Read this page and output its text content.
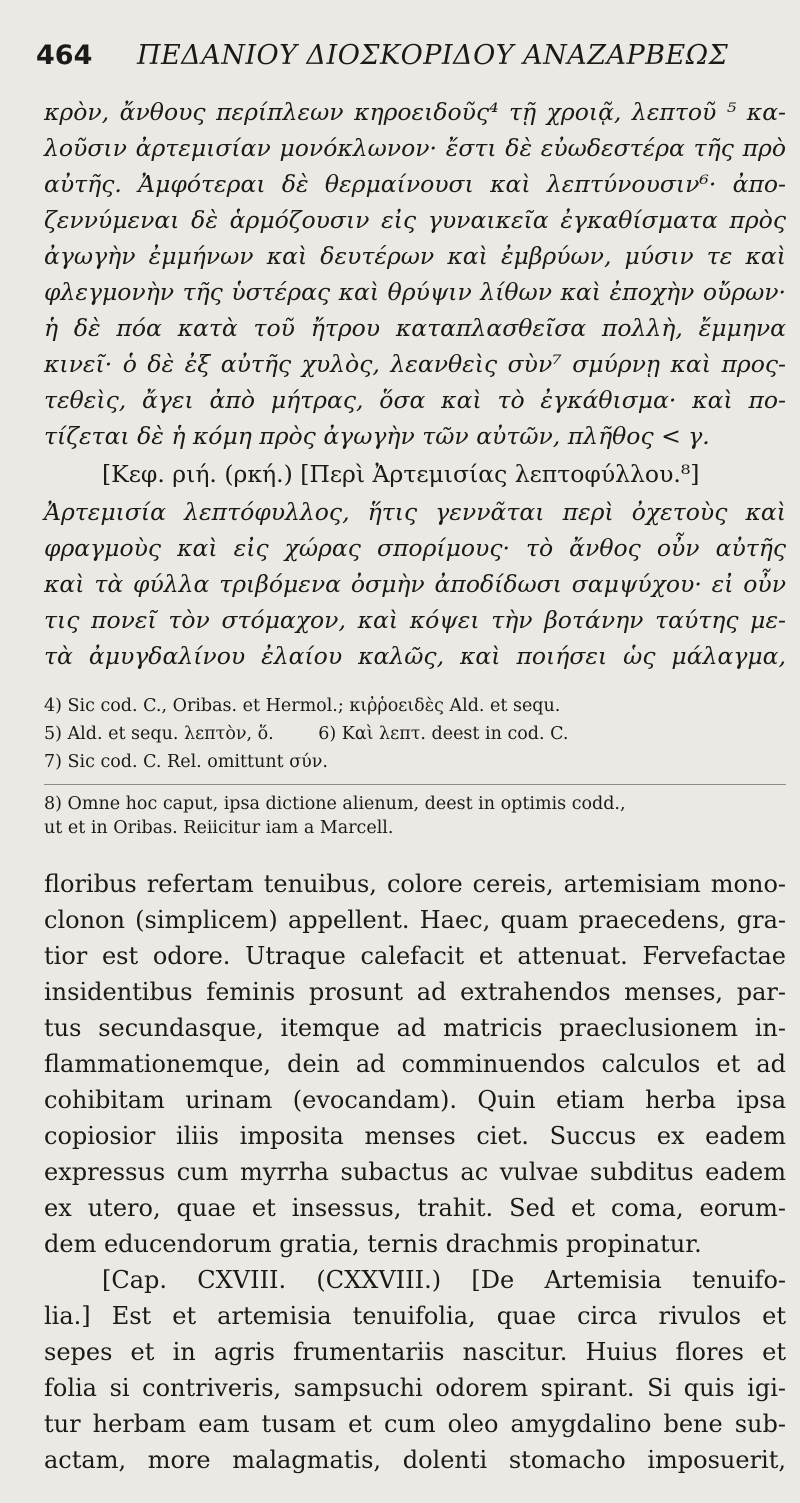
464 ΠΕΔΑΝΙΟΥ ΔΙΟΣΚΟΡΙΔΟΥ ΑΝΑΖΑΡΒΕΩΣ
κρὸν, ἄνθους περίπλεων κηροειδοῦς⁴ τῇ χροιᾷ, λεπτοῦ ⁵ κα-
λοῦσιν ἀρτεμισίαν μονόκλωνον· ἔστι δὲ εὐωδεστέρα τῆς πρὸ
αὐτῆς. Ἀμφότεραι δὲ θερμαίνουσι καὶ λεπτύνουσιν⁶· ἀπο-
ζεννύμεναι δὲ ἁρμόζουσιν εἰς γυναικεῖα ἐγκαθίσματα πρὸς
ἀγωγὴν ἐμμήνων καὶ δευτέρων καὶ ἐμβρύων, μύσιν τε καὶ
φλεγμονὴν τῆς ὑστέρας καὶ θρύψιν λίθων καὶ ἐποχὴν οὔρων·
ἡ δὲ πόα κατὰ τοῦ ἤτρου καταπλασθεῖσα πολλὴ, ἔμμηνα
κινεῖ· ὁ δὲ ἐξ αὐτῆς χυλὸς, λεανθεὶς σὺν⁷ σμύρνῃ καὶ προς-
τεθεὶς, ἄγει ἀπὸ μήτρας, ὅσα καὶ τὸ ἐγκάθισμα· καὶ πο-
τίζεται δὲ ἡ κόμη πρὸς ἀγωγὴν τῶν αὐτῶν, πλῆθος < γ.
[Κεφ. ριή. (ρκή.) [Περὶ Ἀρτεμισίας λεπτοφύλλου.⁸]
Ἀρτεμισία λεπτόφυλλος, ἥτις γεννᾶται περὶ ὀχετοὺς καὶ
φραγμοὺς καὶ εἰς χώρας σπορίμους· τὸ ἄνθος οὖν αὐτῆς
καὶ τὰ φύλλα τριβόμενα ὀσμὴν ἀποδίδωσι σαμψύχου· εἰ οὖν
τις πονεῖ τὸν στόμαχον, καὶ κόψει τὴν βοτάνην ταύτης με-
τὰ ἀμυγδαλίνου ἐλαίου καλῶς, καὶ ποιήσει ὡς μάλαγμα,
4) Sic cod. C., Oribas. et Hermol.; κιῤῥοειδὲς Ald. et sequ.
5) Ald. et sequ. λεπτὸν, ὅ.        6) Καὶ λεπτ. deest in cod. C.
7) Sic cod. C. Rel. omittunt σύν.
8) Omne hoc caput, ipsa dictione alienum, deest in optimis codd.,
ut et in Oribas. Reiicitur iam a Marcell.
floribus refertam tenuibus, colore cereis, artemisiam mono-
clonon (simplicem) appellent. Haec, quam praecedens, gra-
tior est odore. Utraque calefacit et attenuat. Fervefactae
insidentibus feminis prosunt ad extrahendos menses, par-
tus secundasque, itemque ad matricis praeclusionem in-
flammationemque, dein ad comminuendos calculos et ad
cohibitam urinam (evocandam). Quin etiam herba ipsa
copiosior iliis imposita menses ciet. Succus ex eadem
expressus cum myrrha subactus ac vulvae subditus eadem
ex utero, quae et insessus, trahit. Sed et coma, eorum-
dem educendorum gratia, ternis drachmis propinatur.
[Cap. CXVIII. (CXXVIII.) [De Artemisia tenuifo-
lia.] Est et artemisia tenuifolia, quae circa rivulos et
sepes et in agris frumentariis nascitur. Huius flores et
folia si contriveris, sampsuchi odorem spirant. Si quis igi-
tur herbam eam tusam et cum oleo amygdalino bene sub-
actam, more malagmatis, dolenti stomacho imposuerit,
